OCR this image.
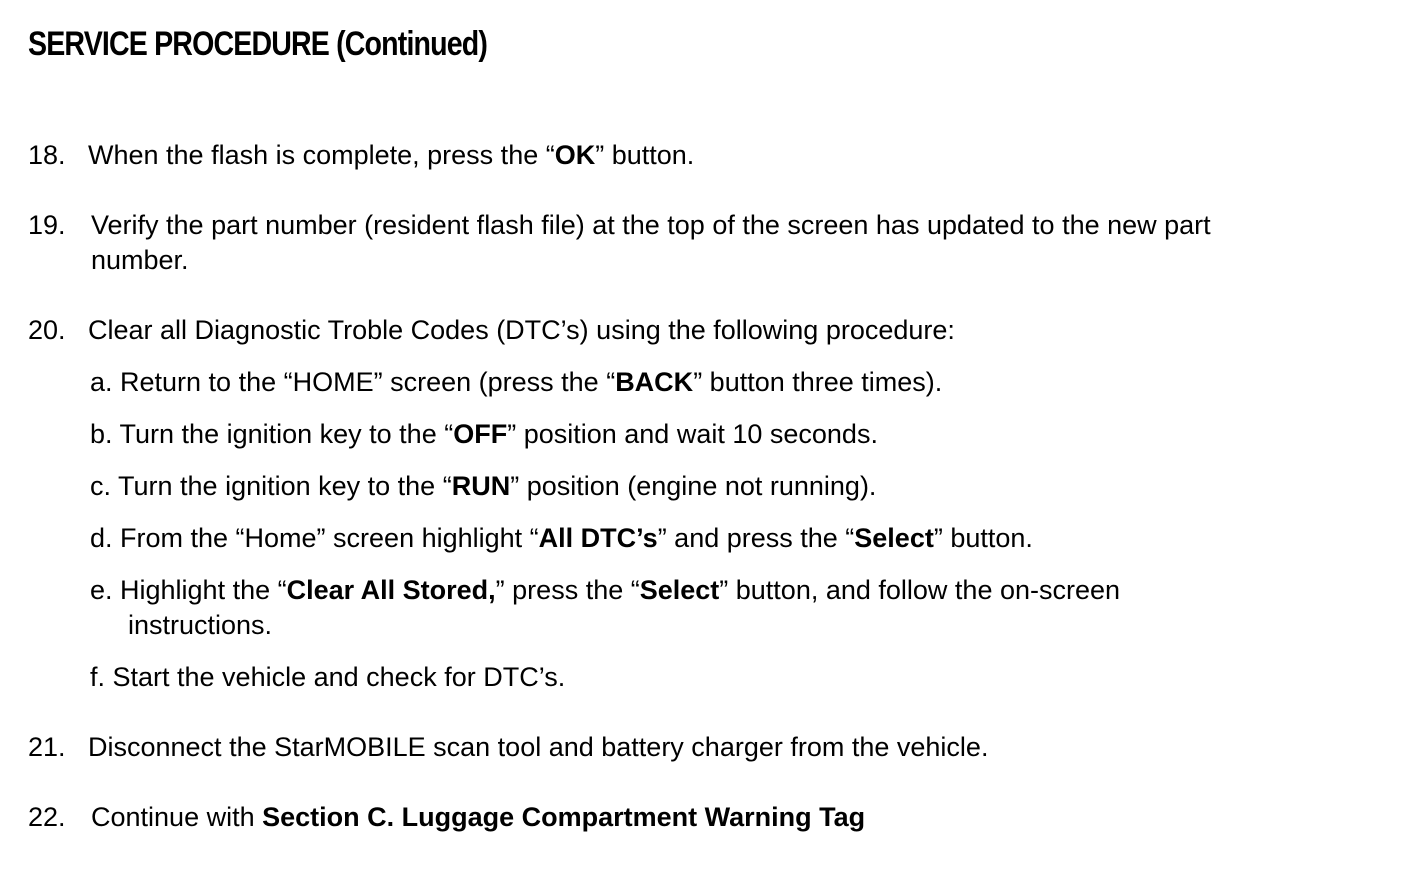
SERVICE PROCEDURE (Continued)

18. When the flash is complete, press the “OK” button.

19. Verify the part number (resident flash file) at the top of the screen has updated to the new part
number.

20. Clear all Diagnostic Troble Codes (DTC’s) using the following procedure:

a. Return to the “HOME” screen (press the “BACK” button three times).

b. Turn the ignition key to the “OFF” position and wait 10 seconds.

c. Turn the ignition key to the “RUN” position (engine not running).

d. From the “Home” screen highlight “All DTC’s” and press the “Select” button.

e. Highlight the “Clear All Stored,” press the “Select” button, and follow the on-screen
instructions.

f. Start the vehicle and check for DTC’s.

21. Disconnect the StarMOBILE scan tool and battery charger from the vehicle.

22. Continue with Section C. Luggage Compartment Warning Tag
